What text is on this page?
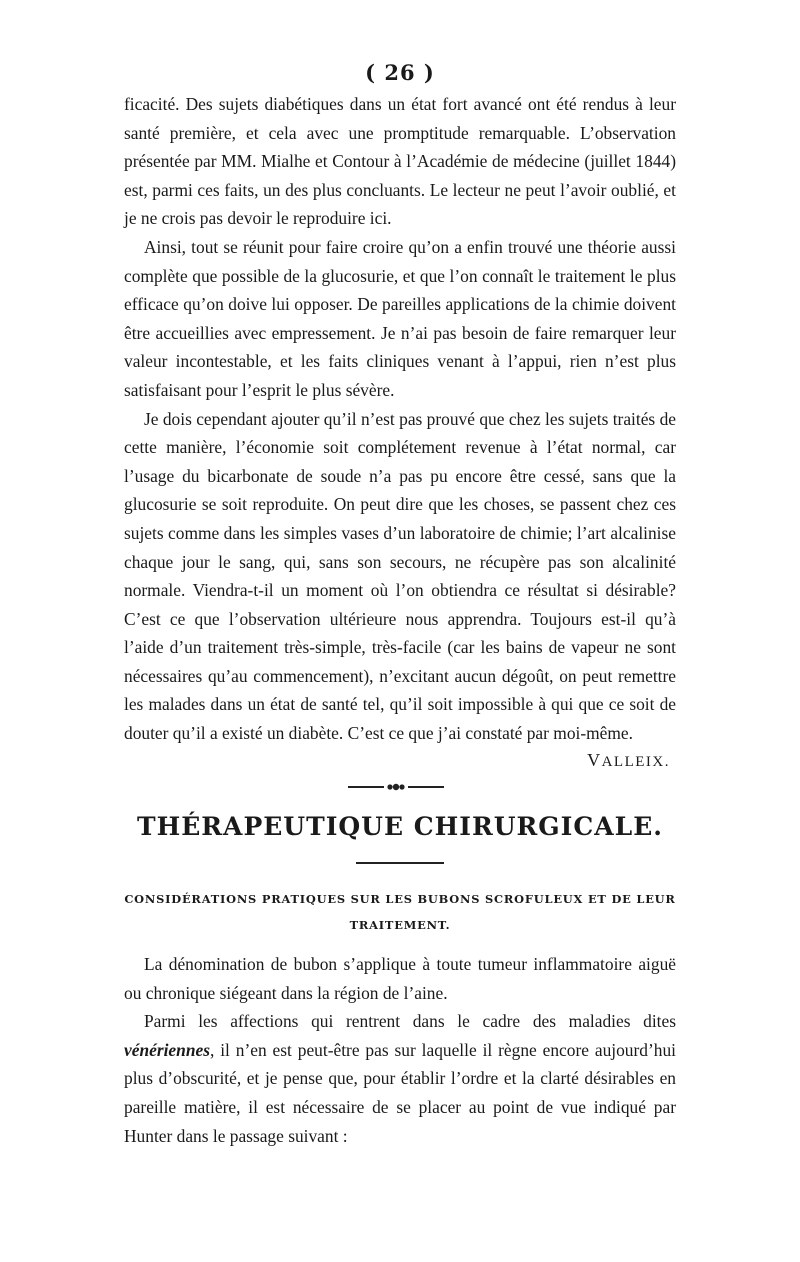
( 26 )

ficacité. Des sujets diabétiques dans un état fort avancé ont été rendus à leur santé première, et cela avec une promptitude remarquable. L’observation présentée par MM. Mialhe et Contour à l’Académie de médecine (juillet 1844) est, parmi ces faits, un des plus concluants. Le lecteur ne peut l’avoir oublié, et je ne crois pas devoir le reproduire ici.

Ainsi, tout se réunit pour faire croire qu’on a enfin trouvé une théorie aussi complète que possible de la glucosurie, et que l’on connaît le traitement le plus efficace qu’on doive lui opposer. De pareilles applications de la chimie doivent être accueillies avec empressement. Je n’ai pas besoin de faire remarquer leur valeur incontestable, et les faits cliniques venant à l’appui, rien n’est plus satisfaisant pour l’esprit le plus sévère.

Je dois cependant ajouter qu’il n’est pas prouvé que chez les sujets traités de cette manière, l’économie soit complétement revenue à l’état normal, car l’usage du bicarbonate de soude n’a pas pu encore être cessé, sans que la glucosurie se soit reproduite. On peut dire que les choses, se passent chez ces sujets comme dans les simples vases d’un laboratoire de chimie; l’art alcalinise chaque jour le sang, qui, sans son secours, ne récupère pas son alcalinité normale. Viendra-t-il un moment où l’on obtiendra ce résultat si désirable? C’est ce que l’observation ultérieure nous apprendra. Toujours est-il qu’à l’aide d’un traitement très-simple, très-facile (car les bains de vapeur ne sont nécessaires qu’au commencement), n’excitant aucun dégoût, on peut remettre les malades dans un état de santé tel, qu’il soit impossible à qui que ce soit de douter qu’il a existé un diabète. C’est ce que j’ai constaté par moi-même.

VALLEIX.
THÉRAPEUTIQUE CHIRURGICALE.
CONSIDÉRATIONS PRATIQUES SUR LES BUBONS SCROFULEUX ET DE LEUR TRAITEMENT.

La dénomination de bubon s’applique à toute tumeur inflammatoire aiguë ou chronique siégeant dans la région de l’aine.

Parmi les affections qui rentrent dans le cadre des maladies dites vénériennes, il n’en est peut-être pas sur laquelle il règne encore aujourd’hui plus d’obscurité, et je pense que, pour établir l’ordre et la clarté désirables en pareille matière, il est nécessaire de se placer au point de vue indiqué par Hunter dans le passage suivant :
